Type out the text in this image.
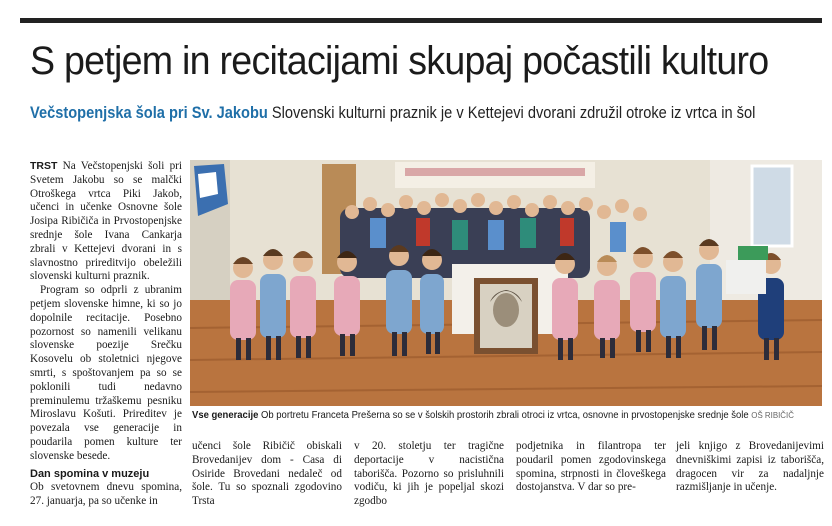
S petjem in recitacijami skupaj počastili kulturo
Večstopenjska šola pri Sv. Jakobu Slovenski kulturni praznik je v Kettejevi dvorani združil otroke iz vrtca in šol

TRST Na Večstopenjski šoli pri Svetem Jakobu so se malčki Otroškega vrtca Piki Jakob, učenci in učenke Osnovne šole Josipa Ribičiča in Prvostopenjske srednje šole Ivana Cankarja zbrali v Kettejevi dvorani in s slavnostno prireditvijo obeležili slovenski kulturni praznik.

Program so odprli z ubranim petjem slovenske himne, ki so jo dopolnile recitacije. Posebno pozornost so namenili velikanu slovenske poezije Srečku Kosovelu ob stoletnici njegove smrti, s spoštovanjem pa so se poklonili tudi nedavno preminulemu tržaškemu pesniku Miroslavu Košuti. Prireditev je povezala vse generacije in poudarila pomen kulture ter slovenske besede.

Dan spomina v muzeju

Ob svetovnem dnevu spomina, 27. januarja, pa so učenke in

Vse generacije Ob portretu Franceta Prešerna so se v šolskih prostorih zbrali otroci iz vrtca, osnovne in prvostopenjske srednje šole OŠ RIBIČIČ

učenci šole Ribičič obiskali Brovedanijev dom - Casa di Osiride Brovedani nedaleč od šole. Tu so spoznali zgodovino Trsta

v 20. stoletju ter tragične deportacije v nacistična taborišča. Pozorno so prisluhnili vodiču, ki jih je popeljal skozi zgodbo

podjetnika in filantropa ter poudaril pomen zgodovinskega spomina, strpnosti in človeškega dostojanstva. V dar so pre-

jeli knjigo z Brovedanijevimi dnevniškimi zapisi iz taborišča, dragocen vir za nadaljnje razmišljanje in učenje.
